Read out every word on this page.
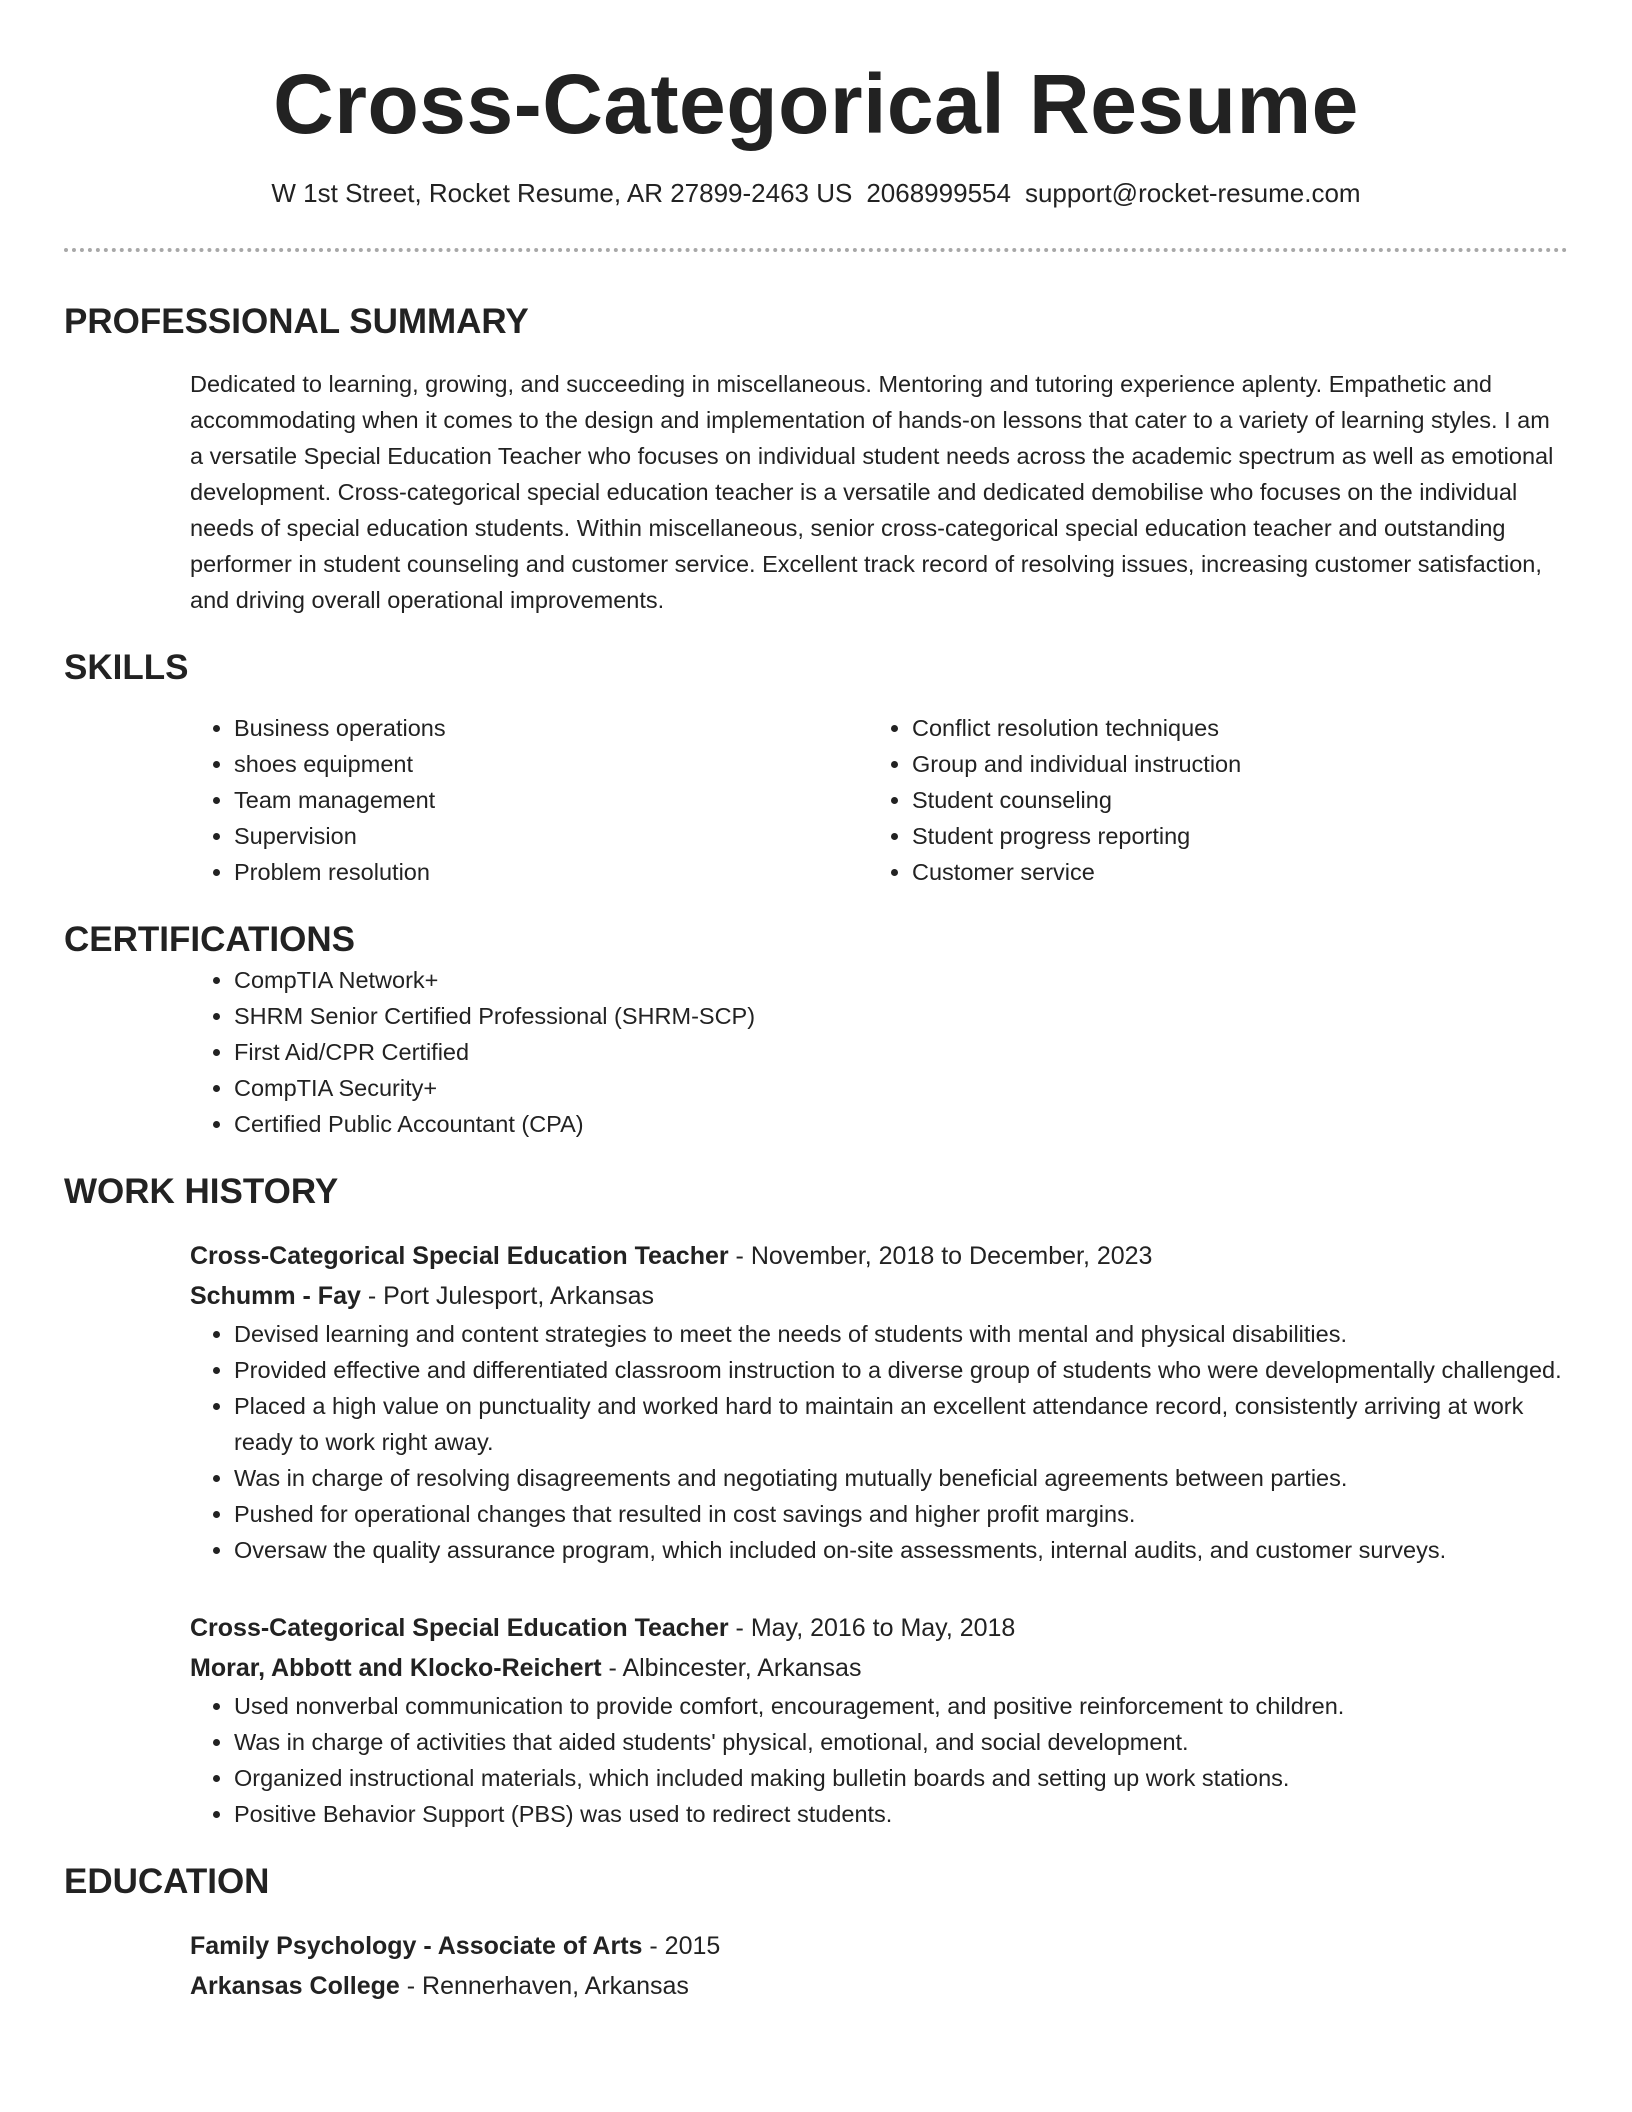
Cross-Categorical Resume
W 1st Street, Rocket Resume, AR 27899-2463 US 2068999554 support@rocket-resume.com
PROFESSIONAL SUMMARY
Dedicated to learning, growing, and succeeding in miscellaneous. Mentoring and tutoring experience aplenty. Empathetic and accommodating when it comes to the design and implementation of hands-on lessons that cater to a variety of learning styles. I am a versatile Special Education Teacher who focuses on individual student needs across the academic spectrum as well as emotional development. Cross-categorical special education teacher is a versatile and dedicated demobilise who focuses on the individual needs of special education students. Within miscellaneous, senior cross-categorical special education teacher and outstanding performer in student counseling and customer service. Excellent track record of resolving issues, increasing customer satisfaction, and driving overall operational improvements.
SKILLS
• Business operations
• shoes equipment
• Team management
• Supervision
• Problem resolution
• Conflict resolution techniques
• Group and individual instruction
• Student counseling
• Student progress reporting
• Customer service
CERTIFICATIONS
• CompTIA Network+
• SHRM Senior Certified Professional (SHRM-SCP)
• First Aid/CPR Certified
• CompTIA Security+
• Certified Public Accountant (CPA)
WORK HISTORY
Cross-Categorical Special Education Teacher - November, 2018 to December, 2023
Schumm - Fay - Port Julesport, Arkansas
• Devised learning and content strategies to meet the needs of students with mental and physical disabilities.
• Provided effective and differentiated classroom instruction to a diverse group of students who were developmentally challenged.
• Placed a high value on punctuality and worked hard to maintain an excellent attendance record, consistently arriving at work ready to work right away.
• Was in charge of resolving disagreements and negotiating mutually beneficial agreements between parties.
• Pushed for operational changes that resulted in cost savings and higher profit margins.
• Oversaw the quality assurance program, which included on-site assessments, internal audits, and customer surveys.
Cross-Categorical Special Education Teacher - May, 2016 to May, 2018
Morar, Abbott and Klocko-Reichert - Albincester, Arkansas
• Used nonverbal communication to provide comfort, encouragement, and positive reinforcement to children.
• Was in charge of activities that aided students' physical, emotional, and social development.
• Organized instructional materials, which included making bulletin boards and setting up work stations.
• Positive Behavior Support (PBS) was used to redirect students.
EDUCATION
Family Psychology - Associate of Arts - 2015
Arkansas College - Rennerhaven, Arkansas
